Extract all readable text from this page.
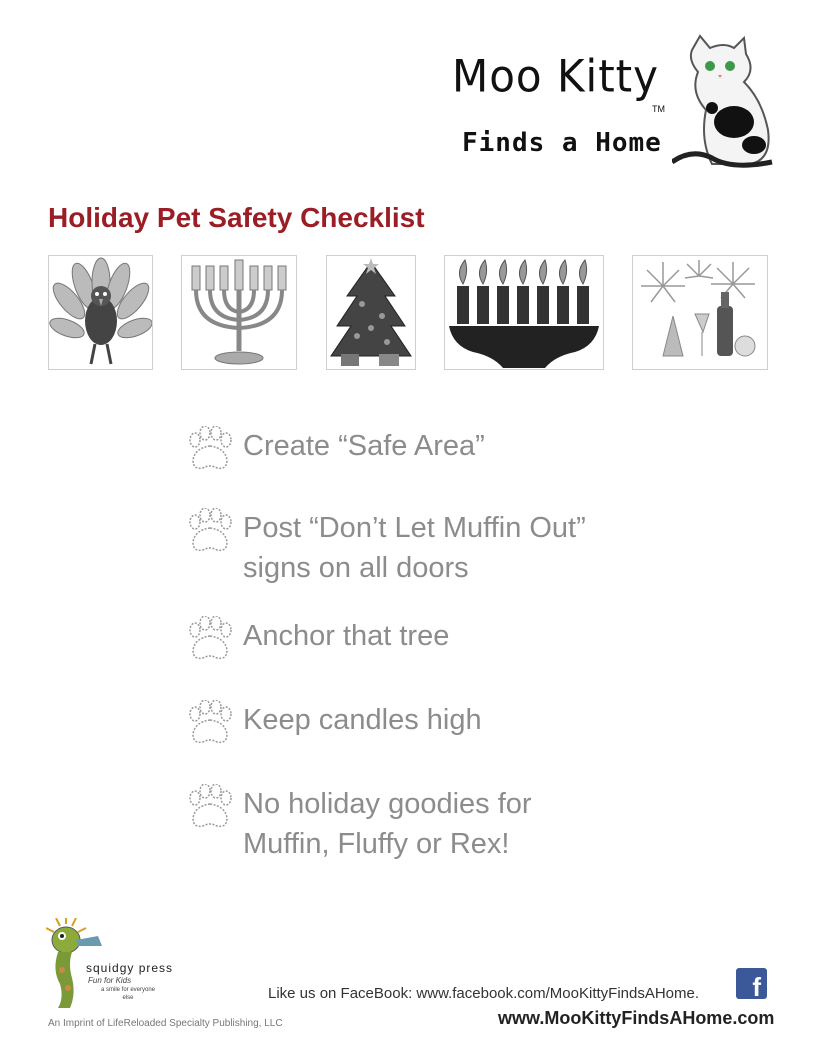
Moo Kitty
TM
Finds a Home
Holiday Pet Safety Checklist
Create “Safe Area”
Post “Don’t Let Muffin Out”
signs on all doors
Anchor that tree
Keep candles high
No holiday goodies for
Muffin, Fluffy or Rex!
squidgy press
Fun for Kids
a smile for everyone else
An Imprint of LifeReloaded Specialty Publishing, LLC
Like us on FaceBook: www.facebook.com/MooKittyFindsAHome.	f
www.MooKittyFindsAHome.com
